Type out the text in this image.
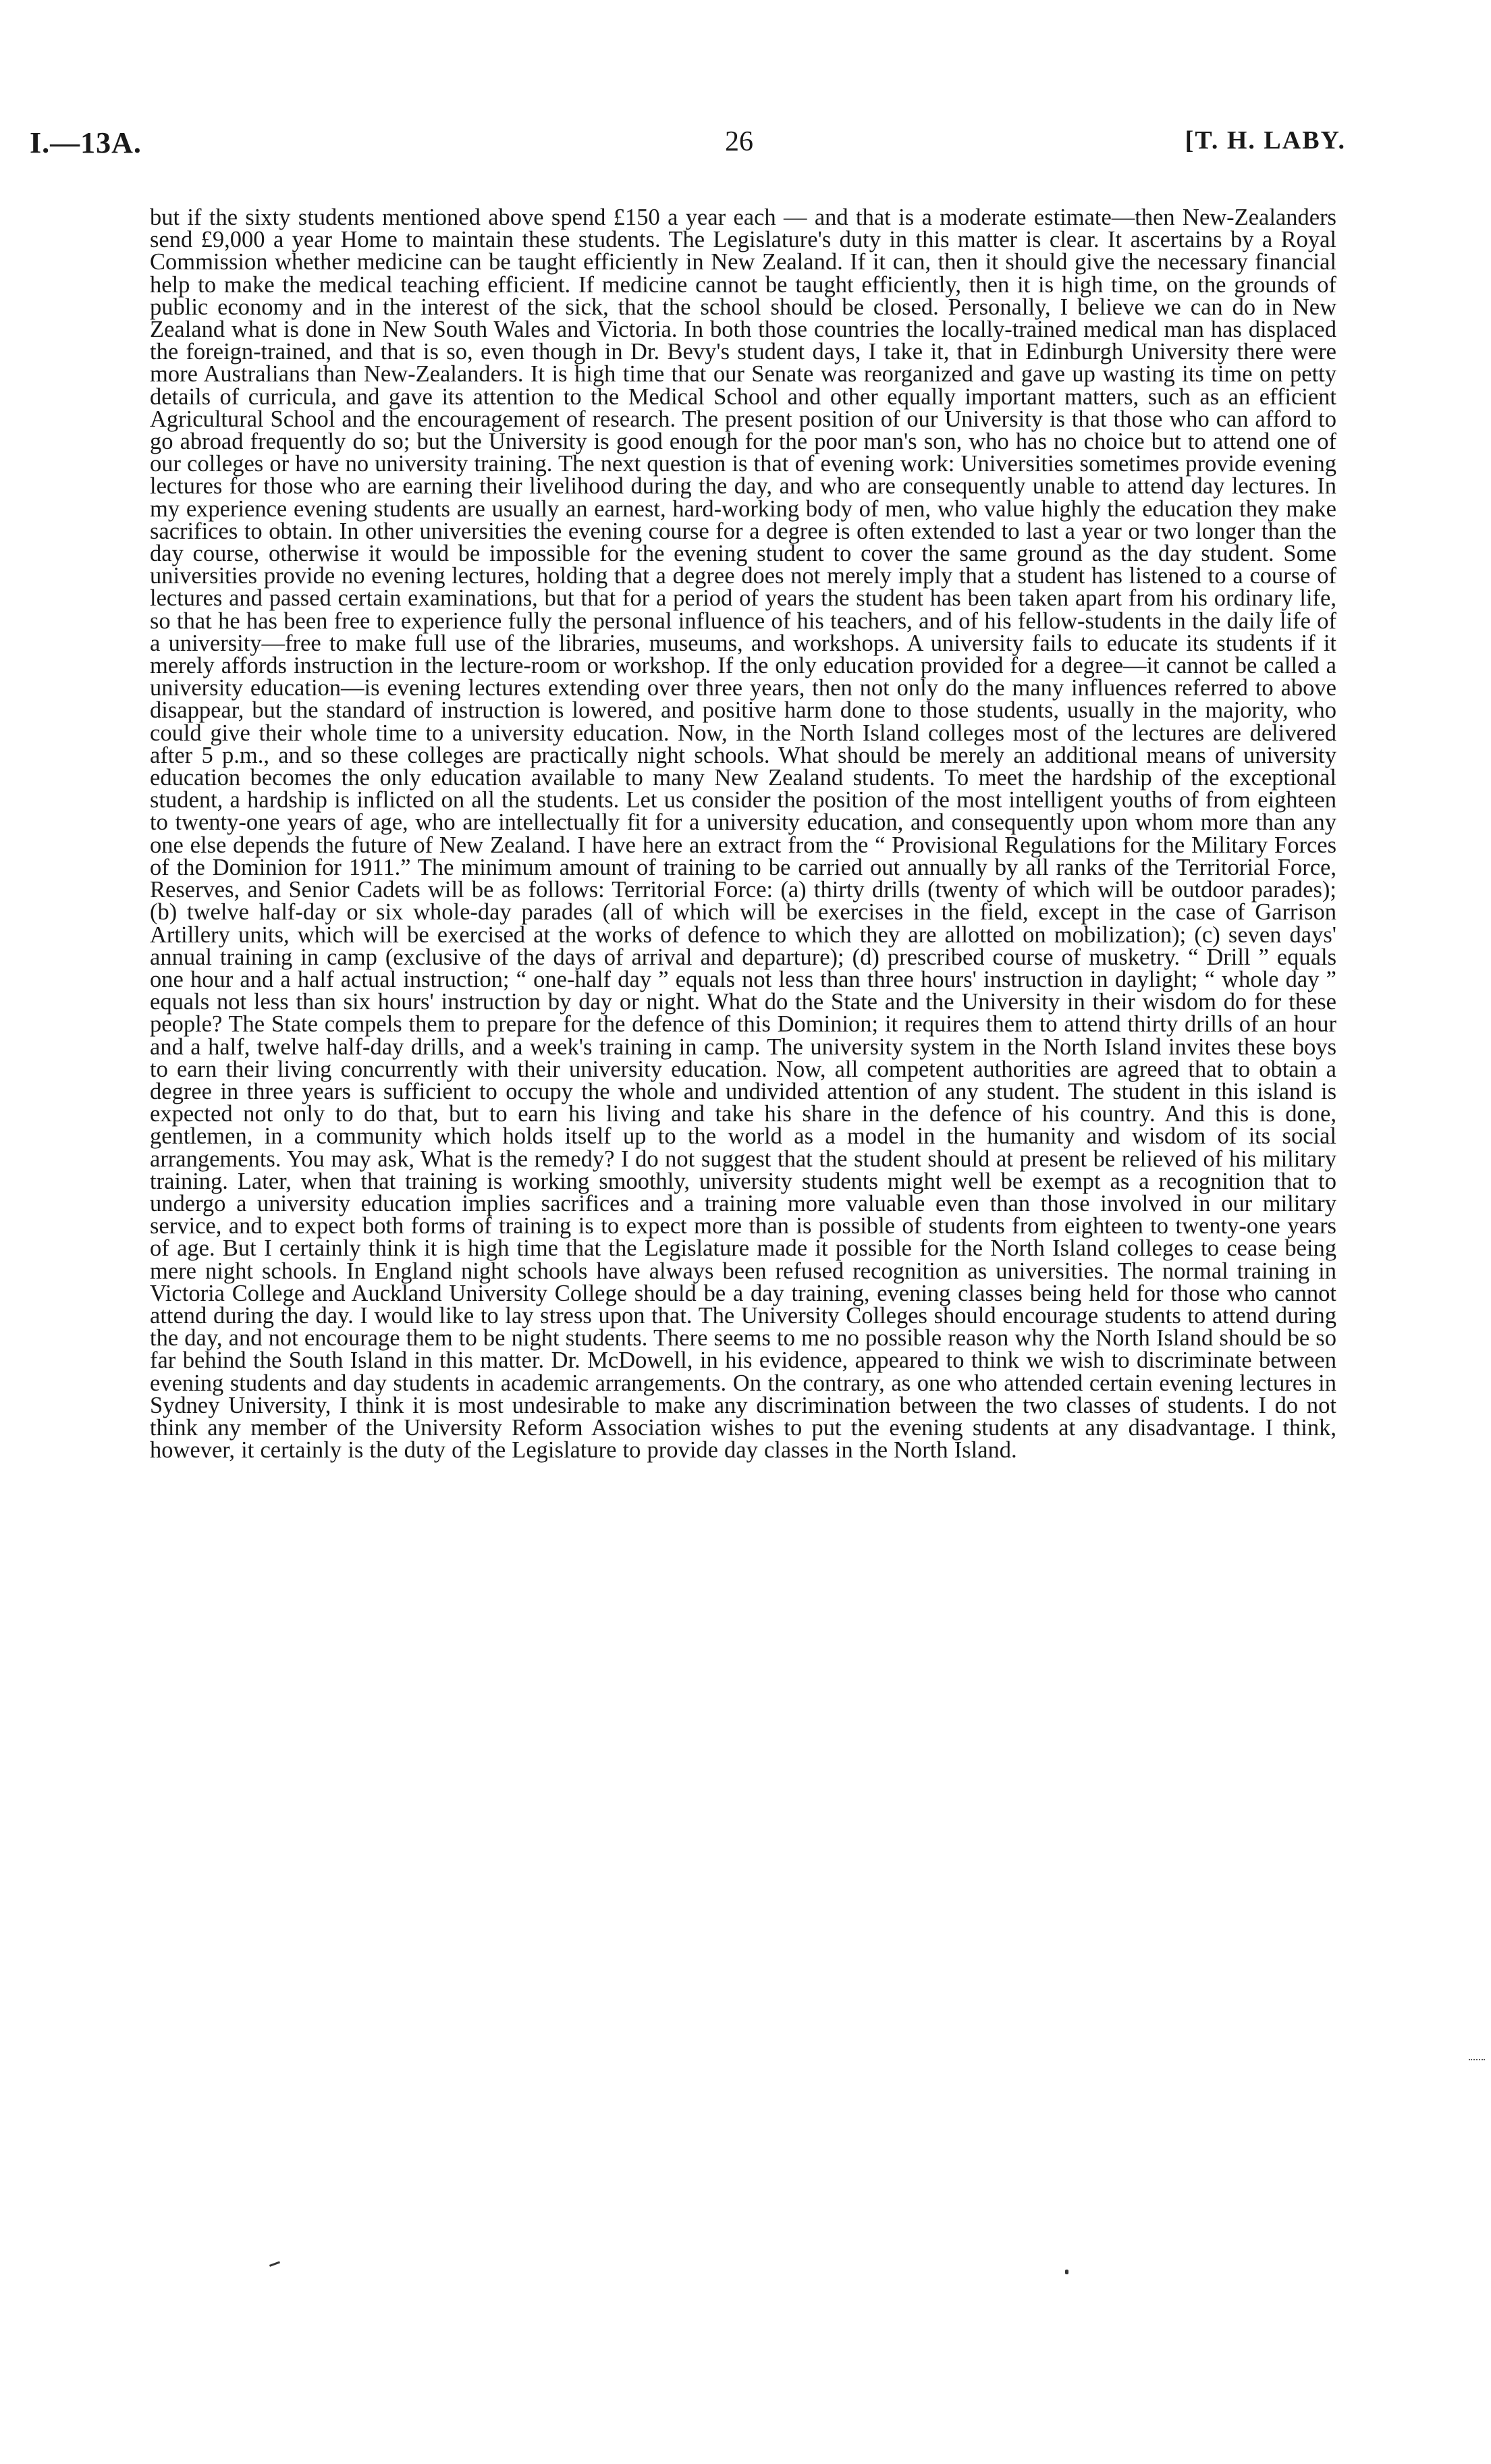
I.—13A.	26	[T. H. LABY.

but if the sixty students mentioned above spend £150 a year each — and that is a moderate estimate—then New-Zealanders send £9,000 a year Home to maintain these students. The Legislature's duty in this matter is clear. It ascertains by a Royal Commission whether medicine can be taught efficiently in New Zealand. If it can, then it should give the necessary financial help to make the medical teaching efficient. If medicine cannot be taught efficiently, then it is high time, on the grounds of public economy and in the interest of the sick, that the school should be closed. Personally, I believe we can do in New Zealand what is done in New South Wales and Victoria. In both those countries the locally-trained medical man has displaced the foreign-trained, and that is so, even though in Dr. Bevy's student days, I take it, that in Edinburgh University there were more Australians than New-Zealanders. It is high time that our Senate was reorganized and gave up wasting its time on petty details of curricula, and gave its attention to the Medical School and other equally important matters, such as an efficient Agricultural School and the encouragement of research. The present position of our University is that those who can afford to go abroad frequently do so; but the University is good enough for the poor man's son, who has no choice but to attend one of our colleges or have no university training. The next question is that of evening work: Universities sometimes provide evening lectures for those who are earning their livelihood during the day, and who are consequently unable to attend day lectures. In my experience evening students are usually an earnest, hard-working body of men, who value highly the education they make sacrifices to obtain. In other universities the evening course for a degree is often extended to last a year or two longer than the day course, otherwise it would be impossible for the evening student to cover the same ground as the day student. Some universities provide no evening lectures, holding that a degree does not merely imply that a student has listened to a course of lectures and passed certain examinations, but that for a period of years the student has been taken apart from his ordinary life, so that he has been free to experience fully the personal influence of his teachers, and of his fellow-students in the daily life of a university—free to make full use of the libraries, museums, and workshops. A university fails to educate its students if it merely affords instruction in the lecture-room or workshop. If the only education provided for a degree—it cannot be called a university education—is evening lectures extending over three years, then not only do the many influences referred to above disappear, but the standard of instruction is lowered, and positive harm done to those students, usually in the majority, who could give their whole time to a university education. Now, in the North Island colleges most of the lectures are delivered after 5 p.m., and so these colleges are practically night schools. What should be merely an additional means of university education becomes the only education available to many New Zealand students. To meet the hardship of the exceptional student, a hardship is inflicted on all the students. Let us consider the position of the most intelligent youths of from eighteen to twenty-one years of age, who are intellectually fit for a university education, and consequently upon whom more than any one else depends the future of New Zealand. I have here an extract from the “ Provisional Regulations for the Military Forces of the Dominion for 1911.” The minimum amount of training to be carried out annually by all ranks of the Territorial Force, Reserves, and Senior Cadets will be as follows: Territorial Force: (a) thirty drills (twenty of which will be outdoor parades); (b) twelve half-day or six whole-day parades (all of which will be exercises in the field, except in the case of Garrison Artillery units, which will be exercised at the works of defence to which they are allotted on mobilization); (c) seven days' annual training in camp (exclusive of the days of arrival and departure); (d) prescribed course of musketry. “ Drill ” equals one hour and a half actual instruction; “ one-half day ” equals not less than three hours' instruction in daylight; “ whole day ” equals not less than six hours' instruction by day or night. What do the State and the University in their wisdom do for these people? The State compels them to prepare for the defence of this Dominion; it requires them to attend thirty drills of an hour and a half, twelve half-day drills, and a week's training in camp. The university system in the North Island invites these boys to earn their living concurrently with their university education. Now, all competent authorities are agreed that to obtain a degree in three years is sufficient to occupy the whole and undivided attention of any student. The student in this island is expected not only to do that, but to earn his living and take his share in the defence of his country. And this is done, gentlemen, in a community which holds itself up to the world as a model in the humanity and wisdom of its social arrangements. You may ask, What is the remedy? I do not suggest that the student should at present be relieved of his military training. Later, when that training is working smoothly, university students might well be exempt as a recognition that to undergo a university education implies sacrifices and a training more valuable even than those involved in our military service, and to expect both forms of training is to expect more than is possible of students from eighteen to twenty-one years of age. But I certainly think it is high time that the Legislature made it possible for the North Island colleges to cease being mere night schools. In England night schools have always been refused recognition as universities. The normal training in Victoria College and Auckland University College should be a day training, evening classes being held for those who cannot attend during the day. I would like to lay stress upon that. The University Colleges should encourage students to attend during the day, and not encourage them to be night students. There seems to me no possible reason why the North Island should be so far behind the South Island in this matter. Dr. McDowell, in his evidence, appeared to think we wish to discriminate between evening students and day students in academic arrangements. On the contrary, as one who attended certain evening lectures in Sydney University, I think it is most undesirable to make any discrimination between the two classes of students. I do not think any member of the University Reform Association wishes to put the evening students at any disadvantage. I think, however, it certainly is the duty of the Legislature to provide day classes in the North Island.
